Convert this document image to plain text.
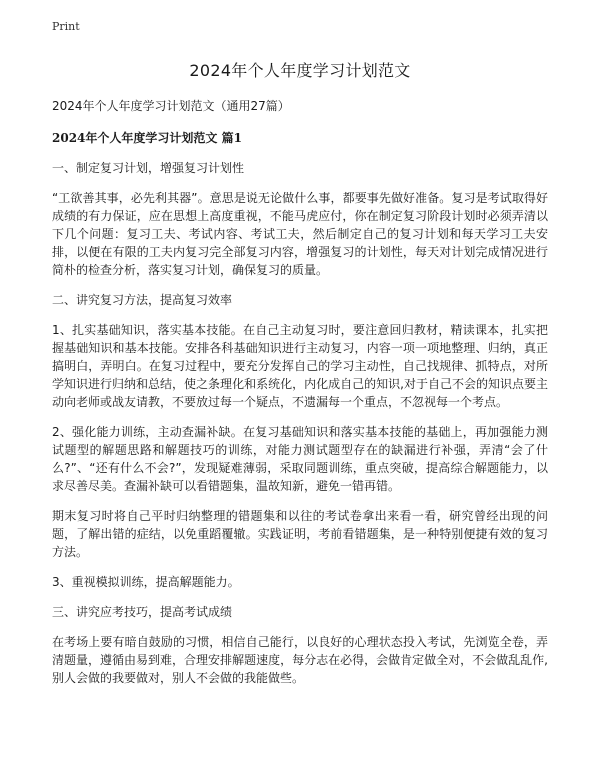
Print
2024年个人年度学习计划范文

2024年个人年度学习计划范文（通用27篇）

2024年个人年度学习计划范文 篇1

一、制定复习计划，增强复习计划性

“工欲善其事，必先利其器”。意思是说无论做什么事，都要事先做好准备。复习是考试取得好成绩的有力保证，应在思想上高度重视，不能马虎应付，你在制定复习阶段计划时必须弄清以下几个问题：复习工夫、考试内容、考试工夫，然后制定自己的复习计划和每天学习工夫安排，以便在有限的工夫内复习完全部复习内容，增强复习的计划性，每天对计划完成情况进行简朴的检查分析，落实复习计划，确保复习的质量。

二、讲究复习方法，提高复习效率

1、扎实基础知识，落实基本技能。在自己主动复习时，要注意回归教材，精读课本，扎实把握基础知识和基本技能。安排各科基础知识进行主动复习，内容一项一项地整理、归纳，真正搞明白，弄明白。在复习过程中，要充分发挥自己的学习主动性，自己找规律、抓特点，对所学知识进行归纳和总结，使之条理化和系统化，内化成自己的知识,对于自己不会的知识点要主动向老师或战友请教，不要放过每一个疑点，不遗漏每一个重点，不忽视每一个考点。

2、强化能力训练，主动查漏补缺。在复习基础知识和落实基本技能的基础上，再加强能力测试题型的解题思路和解题技巧的训练，对能力测试题型存在的缺漏进行补强，弄清“会了什么?”、“还有什么不会?”，发现疑难薄弱，采取同题训练，重点突破，提高综合解题能力，以求尽善尽美。查漏补缺可以看错题集，温故知新，避免一错再错。

期末复习时将自己平时归纳整理的错题集和以往的考试卷拿出来看一看，研究曾经出现的问题，了解出错的症结，以免重蹈覆辙。实践证明，考前看错题集，是一种特别便捷有效的复习方法。

3、重视模拟训练，提高解题能力。

三、讲究应考技巧，提高考试成绩

在考场上要有暗自鼓励的习惯，相信自己能行，以良好的心理状态投入考试，先浏览全卷，弄清题量，遵循由易到难，合理安排解题速度，每分志在必得，会做肯定做全对，不会做乱乱作,别人会做的我要做对，别人不会做的我能做些。
